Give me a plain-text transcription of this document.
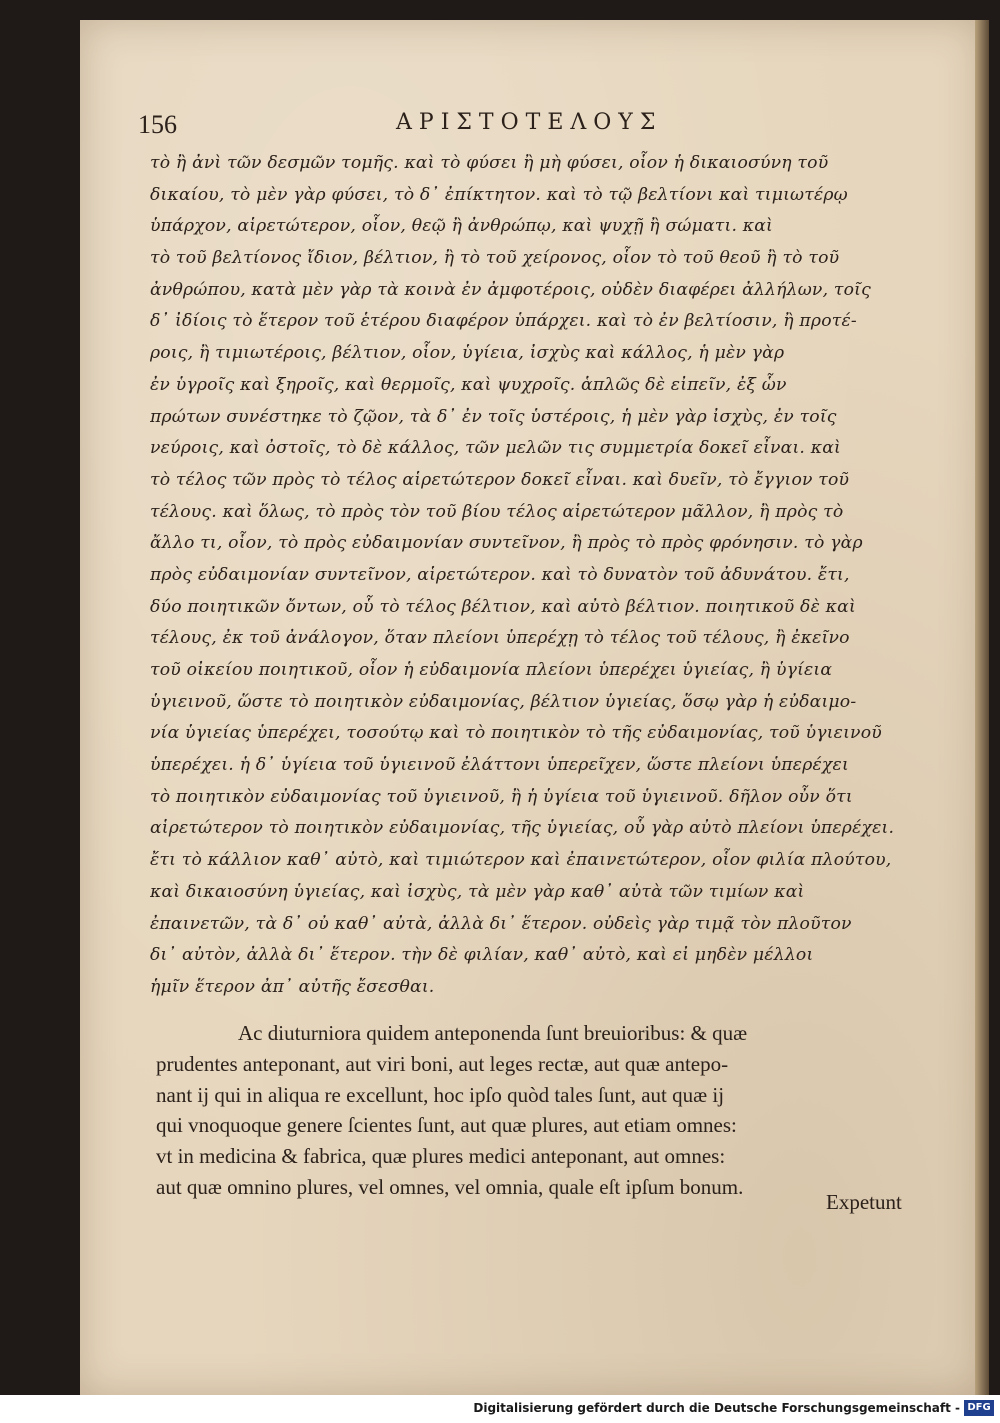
156	ΑΡΙΣΤΟΤΕΛΟΥΣ
τὸ ἢ ἀνὶ τῶν δεσμῶν τομῆς. καὶ τὸ φύσει ἢ μὴ φύσει, οἷον ἡ δικαιοσύνη τοῦ
δικαίου, τὸ μὲν γὰρ φύσει, τὸ δ᾽ ἐπίκτητον. καὶ τὸ τῷ βελτίονι καὶ τιμιωτέρῳ
ὑπάρχον, αἱρετώτερον, οἷον, θεῷ ἢ ἀνθρώπῳ, καὶ ψυχῇ ἢ σώματι. καὶ
τὸ τοῦ βελτίονος ἴδιον, βέλτιον, ἢ τὸ τοῦ χείρονος, οἷον τὸ τοῦ θεοῦ ἢ τὸ τοῦ
ἀνθρώπου, κατὰ μὲν γὰρ τὰ κοινὰ ἐν ἀμφοτέροις, οὐδὲν διαφέρει ἀλλήλων, τοῖς
δ᾽ ἰδίοις τὸ ἕτερον τοῦ ἑτέρου διαφέρον ὑπάρχει. καὶ τὸ ἐν βελτίοσιν, ἢ προτέ-
ροις, ἢ τιμιωτέροις, βέλτιον, οἷον, ὑγίεια, ἰσχὺς καὶ κάλλος, ἡ μὲν γὰρ
ἐν ὑγροῖς καὶ ξηροῖς, καὶ θερμοῖς, καὶ ψυχροῖς. ἁπλῶς δὲ εἰπεῖν, ἐξ ὧν
πρώτων συνέστηκε τὸ ζῷον, τὰ δ᾽ ἐν τοῖς ὑστέροις, ἡ μὲν γὰρ ἰσχὺς, ἐν τοῖς
νεύροις, καὶ ὀστοῖς, τὸ δὲ κάλλος, τῶν μελῶν τις συμμετρία δοκεῖ εἶναι. καὶ
τὸ τέλος τῶν πρὸς τὸ τέλος αἱρετώτερον δοκεῖ εἶναι. καὶ δυεῖν, τὸ ἔγγιον τοῦ
τέλους. καὶ ὅλως, τὸ πρὸς τὸν τοῦ βίου τέλος αἱρετώτερον μᾶλλον, ἢ πρὸς τὸ
ἄλλο τι, οἷον, τὸ πρὸς εὐδαιμονίαν συντεῖνον, ἢ πρὸς τὸ πρὸς φρόνησιν. τὸ γὰρ
πρὸς εὐδαιμονίαν συντεῖνον, αἱρετώτερον. καὶ τὸ δυνατὸν τοῦ ἀδυνάτου. ἔτι,
δύο ποιητικῶν ὄντων, οὗ τὸ τέλος βέλτιον, καὶ αὐτὸ βέλτιον. ποιητικοῦ δὲ καὶ
τέλους, ἐκ τοῦ ἀνάλογον, ὅταν πλείονι ὑπερέχῃ τὸ τέλος τοῦ τέλους, ἢ ἐκεῖνο
τοῦ οἰκείου ποιητικοῦ, οἷον ἡ εὐδαιμονία πλείονι ὑπερέχει ὑγιείας, ἢ ὑγίεια
ὑγιεινοῦ, ὥστε τὸ ποιητικὸν εὐδαιμονίας, βέλτιον ὑγιείας, ὅσῳ γὰρ ἡ εὐδαιμο-
νία ὑγιείας ὑπερέχει, τοσούτῳ καὶ τὸ ποιητικὸν τὸ τῆς εὐδαιμονίας, τοῦ ὑγιεινοῦ
ὑπερέχει. ἡ δ᾽ ὑγίεια τοῦ ὑγιεινοῦ ἐλάττονι ὑπερεῖχεν, ὥστε πλείονι ὑπερέχει
τὸ ποιητικὸν εὐδαιμονίας τοῦ ὑγιεινοῦ, ἢ ἡ ὑγίεια τοῦ ὑγιεινοῦ. δῆλον οὖν ὅτι
αἱρετώτερον τὸ ποιητικὸν εὐδαιμονίας, τῆς ὑγιείας, οὗ γὰρ αὐτὸ πλείονι ὑπερέχει.
ἔτι τὸ κάλλιον καθ᾽ αὐτὸ, καὶ τιμιώτερον καὶ ἐπαινετώτερον, οἷον φιλία πλούτου,
καὶ δικαιοσύνη ὑγιείας, καὶ ἰσχὺς, τὰ μὲν γὰρ καθ᾽ αὐτὰ τῶν τιμίων καὶ
ἐπαινετῶν, τὰ δ᾽ οὐ καθ᾽ αὐτὰ, ἀλλὰ δι᾽ ἕτερον. οὐδεὶς γὰρ τιμᾷ τὸν πλοῦτον
δι᾽ αὐτὸν, ἀλλὰ δι᾽ ἕτερον. τὴν δὲ φιλίαν, καθ᾽ αὐτὸ, καὶ εἰ μηδὲν μέλλοι
ἡμῖν ἕτερον ἀπ᾽ αὐτῆς ἔσεσθαι.
Ac diuturniora quidem anteponenda ſunt breuioribus: & quæ
prudentes anteponant, aut viri boni, aut leges rectæ, aut quæ antepo-
nant ij qui in aliqua re excellunt, hoc ipſo quòd tales ſunt, aut quæ ij
qui vnoquoque genere ſcientes ſunt, aut quæ plures, aut etiam omnes:
vt in medicina & fabrica, quæ plures medici anteponant, aut omnes:
aut quæ omnino plures, vel omnes, vel omnia, quale eſt ipſum bonum.
Expetunt
Digitalisierung gefördert durch die Deutsche Forschungsgemeinschaft - DFG
